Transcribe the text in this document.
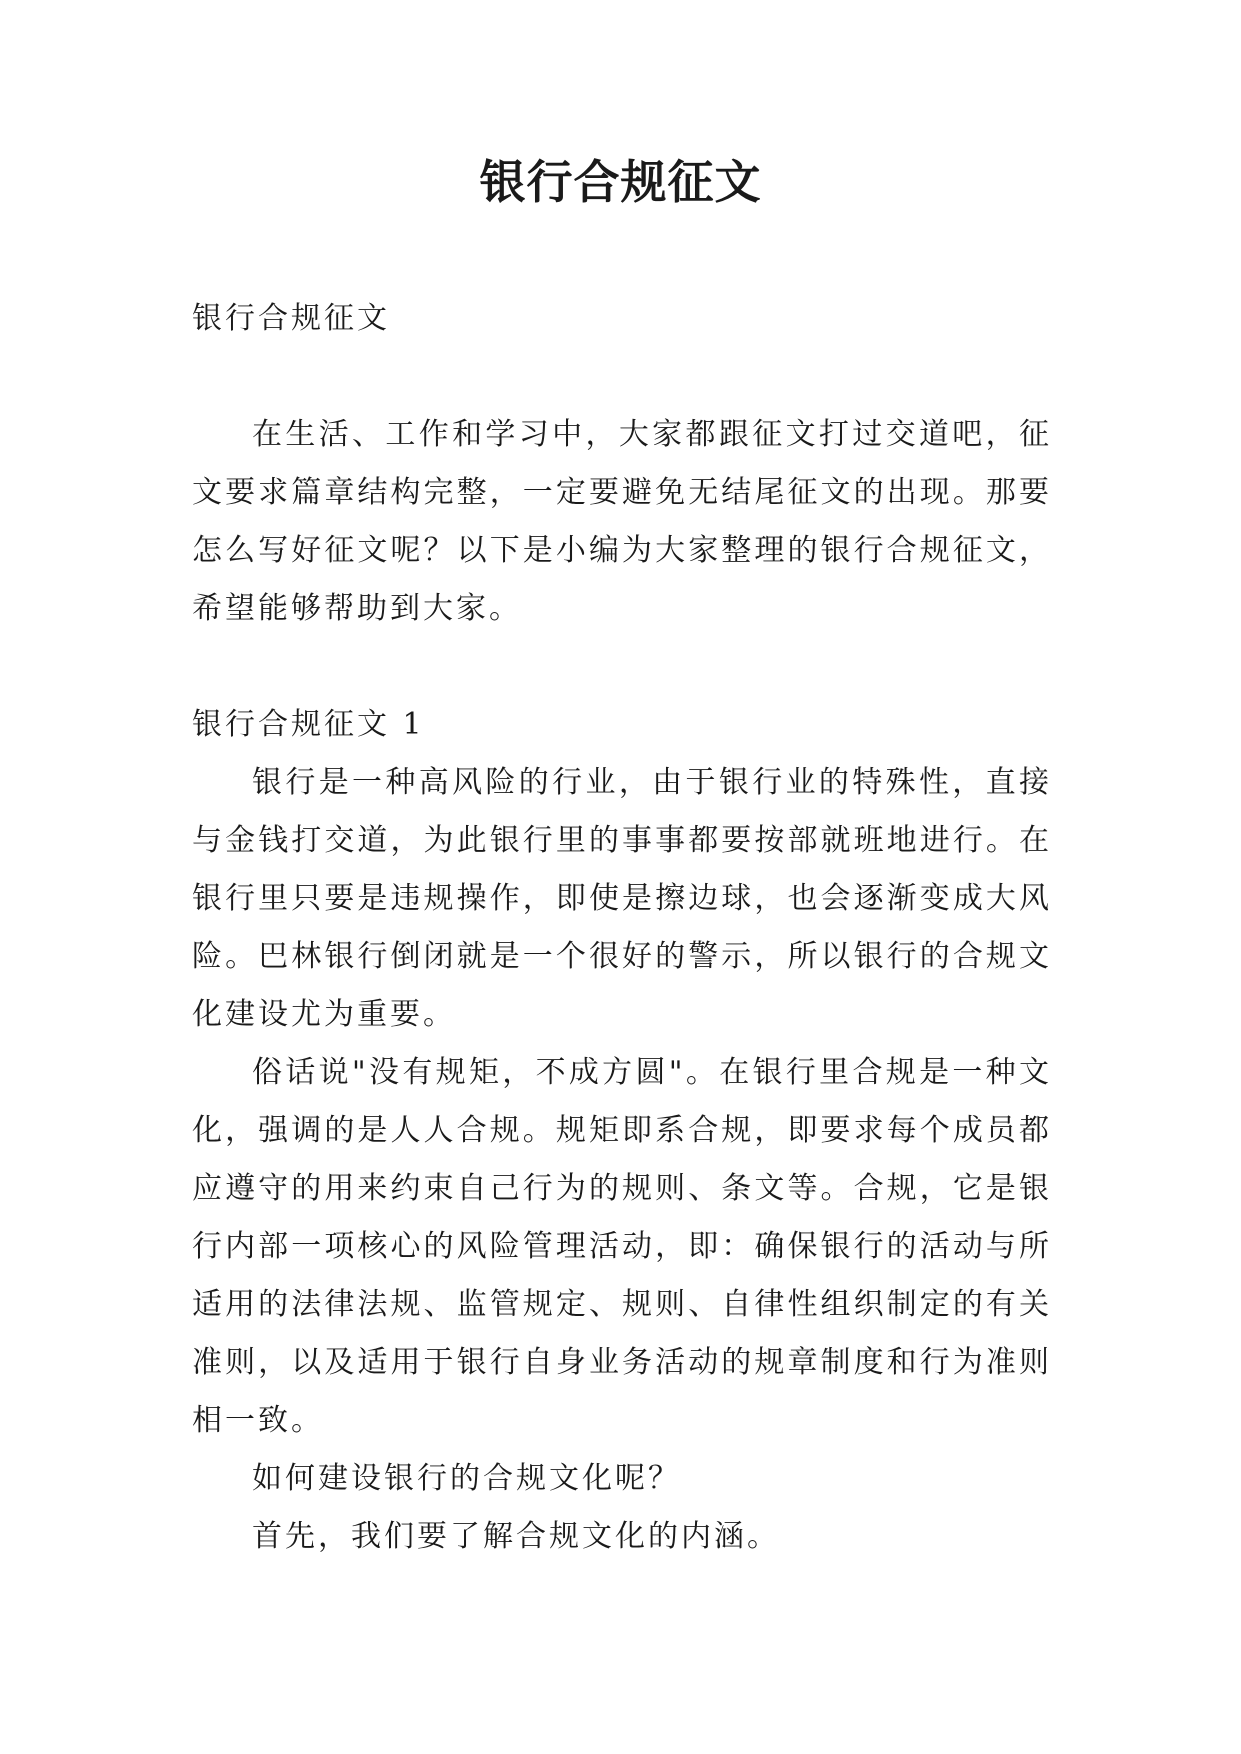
银行合规征文

银行合规征文

在生活、工作和学习中，大家都跟征文打过交道吧，征文要求篇章结构完整，一定要避免无结尾征文的出现。那要怎么写好征文呢？以下是小编为大家整理的银行合规征文，希望能够帮助到大家。

银行合规征文 1

银行是一种高风险的行业，由于银行业的特殊性，直接与金钱打交道，为此银行里的事事都要按部就班地进行。在银行里只要是违规操作，即使是擦边球，也会逐渐变成大风险。巴林银行倒闭就是一个很好的警示，所以银行的合规文化建设尤为重要。

俗话说"没有规矩，不成方圆"。在银行里合规是一种文化，强调的是人人合规。规矩即系合规，即要求每个成员都应遵守的用来约束自己行为的规则、条文等。合规，它是银行内部一项核心的风险管理活动，即：确保银行的活动与所适用的法律法规、监管规定、规则、自律性组织制定的有关准则，以及适用于银行自身业务活动的规章制度和行为准则相一致。

如何建设银行的合规文化呢？

首先，我们要了解合规文化的内涵。
